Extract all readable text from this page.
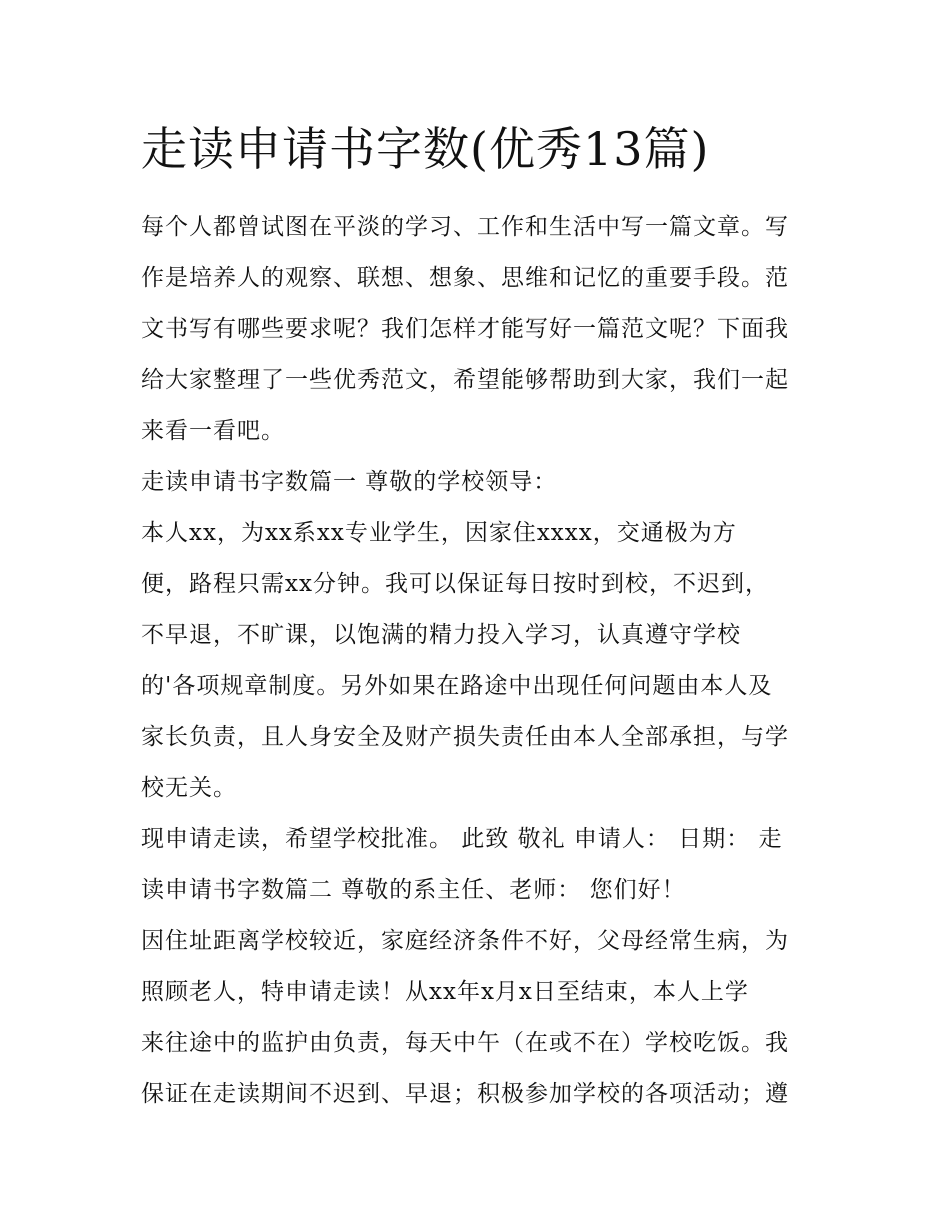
走读申请书字数(优秀13篇)
每个人都曾试图在平淡的学习、工作和生活中写一篇文章。写
作是培养人的观察、联想、想象、思维和记忆的重要手段。范
文书写有哪些要求呢？我们怎样才能写好一篇范文呢？下面我
给大家整理了一些优秀范文，希望能够帮助到大家，我们一起
来看一看吧。
走读申请书字数篇一 尊敬的学校领导：
本人xx，为xx系xx专业学生，因家住xxxx，交通极为方
便，路程只需xx分钟。我可以保证每日按时到校，不迟到，
不早退，不旷课，以饱满的精力投入学习，认真遵守学校
的'各项规章制度。另外如果在路途中出现任何问题由本人及
家长负责，且人身安全及财产损失责任由本人全部承担，与学
校无关。
现申请走读，希望学校批准。 此致 敬礼 申请人： 日期： 走
读申请书字数篇二 尊敬的系主任、老师： 您们好！
因住址距离学校较近，家庭经济条件不好，父母经常生病，为
照顾老人，特申请走读！从xx年x月x日至结束，本人上学
来往途中的监护由负责，每天中午（在或不在）学校吃饭。我
保证在走读期间不迟到、早退；积极参加学校的各项活动；遵
